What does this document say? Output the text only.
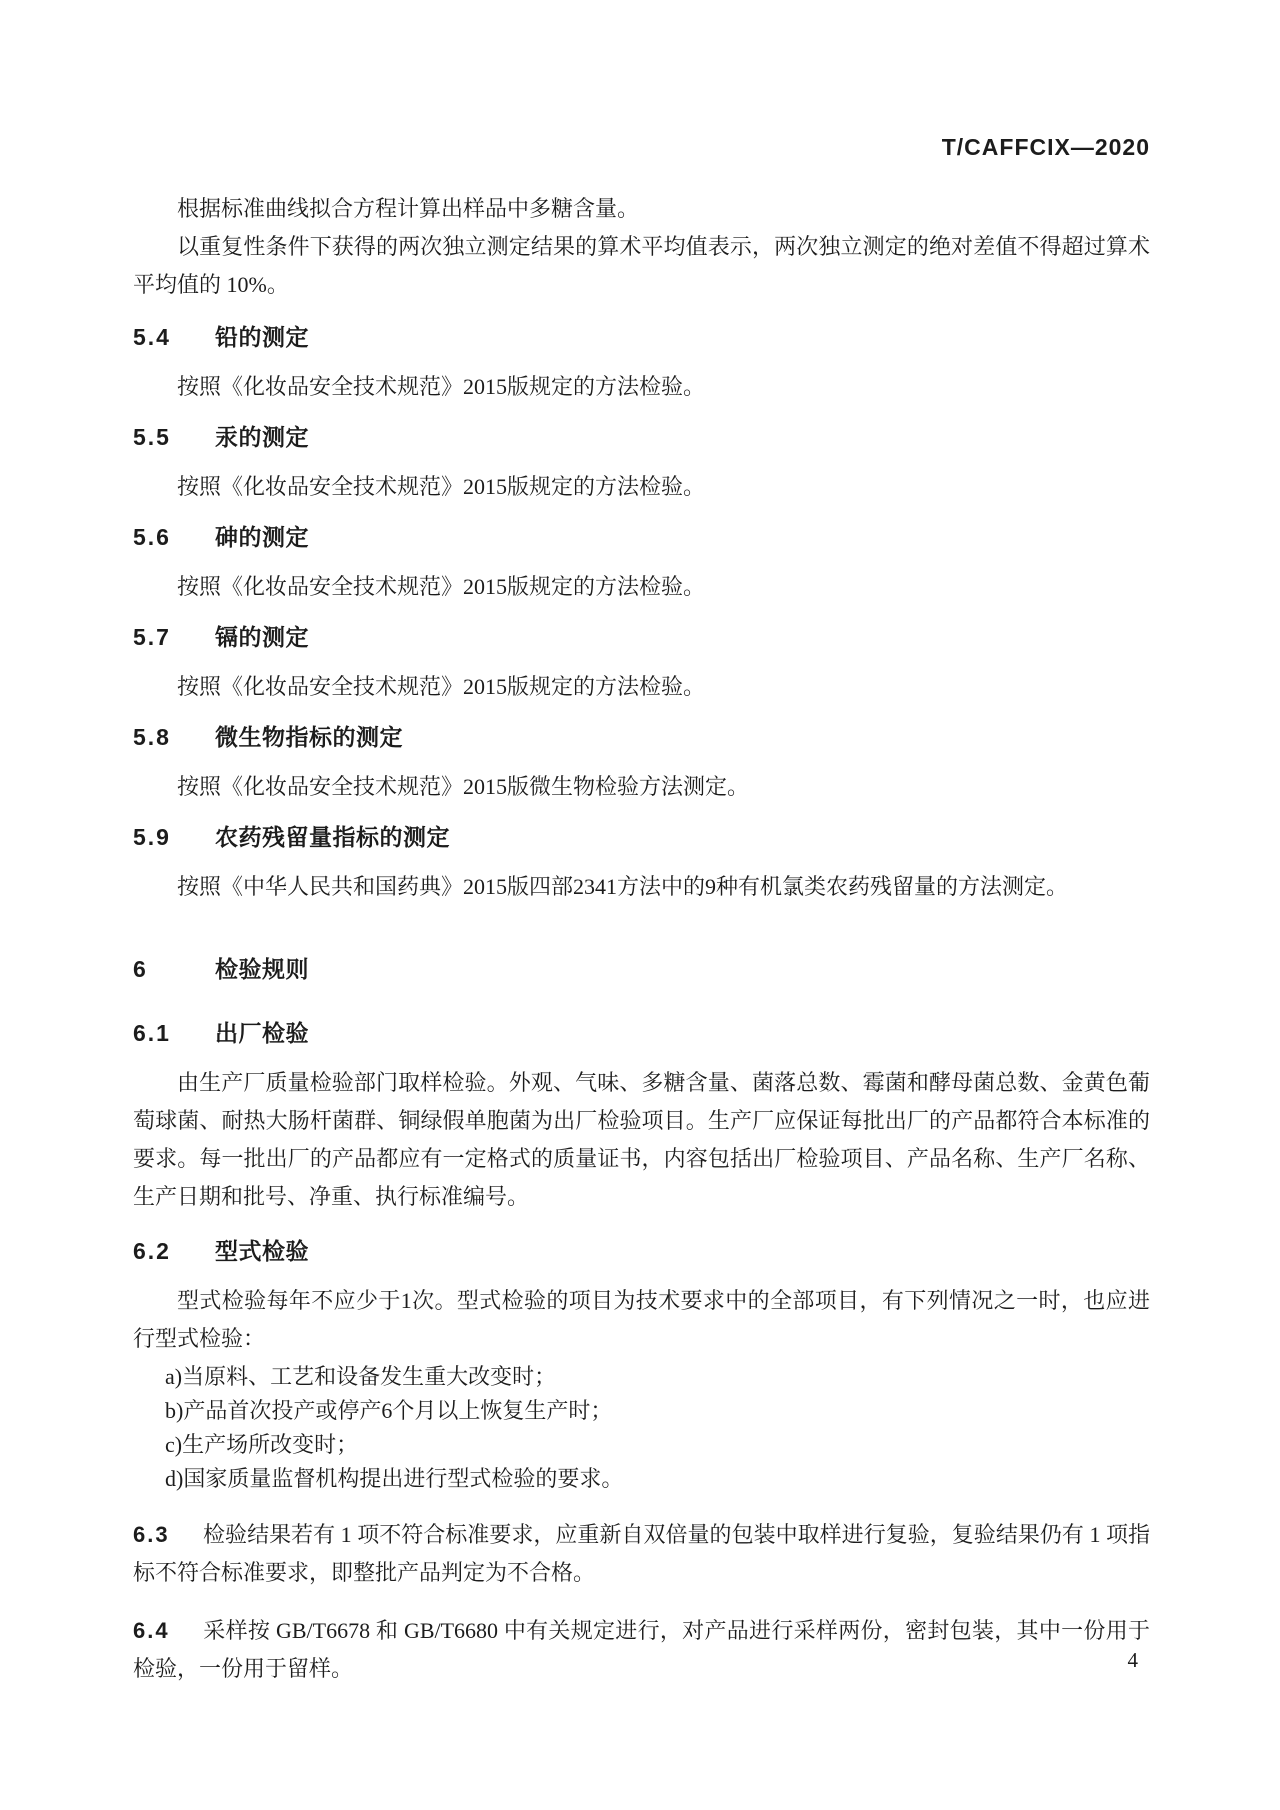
T/CAFFCIX—2020

根据标准曲线拟合方程计算出样品中多糖含量。

以重复性条件下获得的两次独立测定结果的算术平均值表示，两次独立测定的绝对差值不得超过算术平均值的 10%。

5.4 铅的测定

按照《化妆品安全技术规范》2015版规定的方法检验。

5.5 汞的测定

按照《化妆品安全技术规范》2015版规定的方法检验。

5.6 砷的测定

按照《化妆品安全技术规范》2015版规定的方法检验。

5.7 镉的测定

按照《化妆品安全技术规范》2015版规定的方法检验。

5.8 微生物指标的测定

按照《化妆品安全技术规范》2015版微生物检验方法测定。

5.9 农药残留量指标的测定

按照《中华人民共和国药典》2015版四部2341方法中的9种有机氯类农药残留量的方法测定。

6	检验规则
6.1 出厂检验

由生产厂质量检验部门取样检验。外观、气味、多糖含量、菌落总数、霉菌和酵母菌总数、金黄色葡萄球菌、耐热大肠杆菌群、铜绿假单胞菌为出厂检验项目。生产厂应保证每批出厂的产品都符合本标准的要求。每一批出厂的产品都应有一定格式的质量证书，内容包括出厂检验项目、产品名称、生产厂名称、生产日期和批号、净重、执行标准编号。

6.2 型式检验

型式检验每年不应少于1次。型式检验的项目为技术要求中的全部项目，有下列情况之一时，也应进行型式检验：

a)当原料、工艺和设备发生重大改变时；
b)产品首次投产或停产6个月以上恢复生产时；
c)生产场所改变时；
d)国家质量监督机构提出进行型式检验的要求。

6.3 检验结果若有 1 项不符合标准要求，应重新自双倍量的包装中取样进行复验，复验结果仍有 1 项指标不符合标准要求，即整批产品判定为不合格。

6.4 采样按 GB/T6678 和 GB/T6680 中有关规定进行，对产品进行采样两份，密封包装，其中一份用于检验，一份用于留样。	4
